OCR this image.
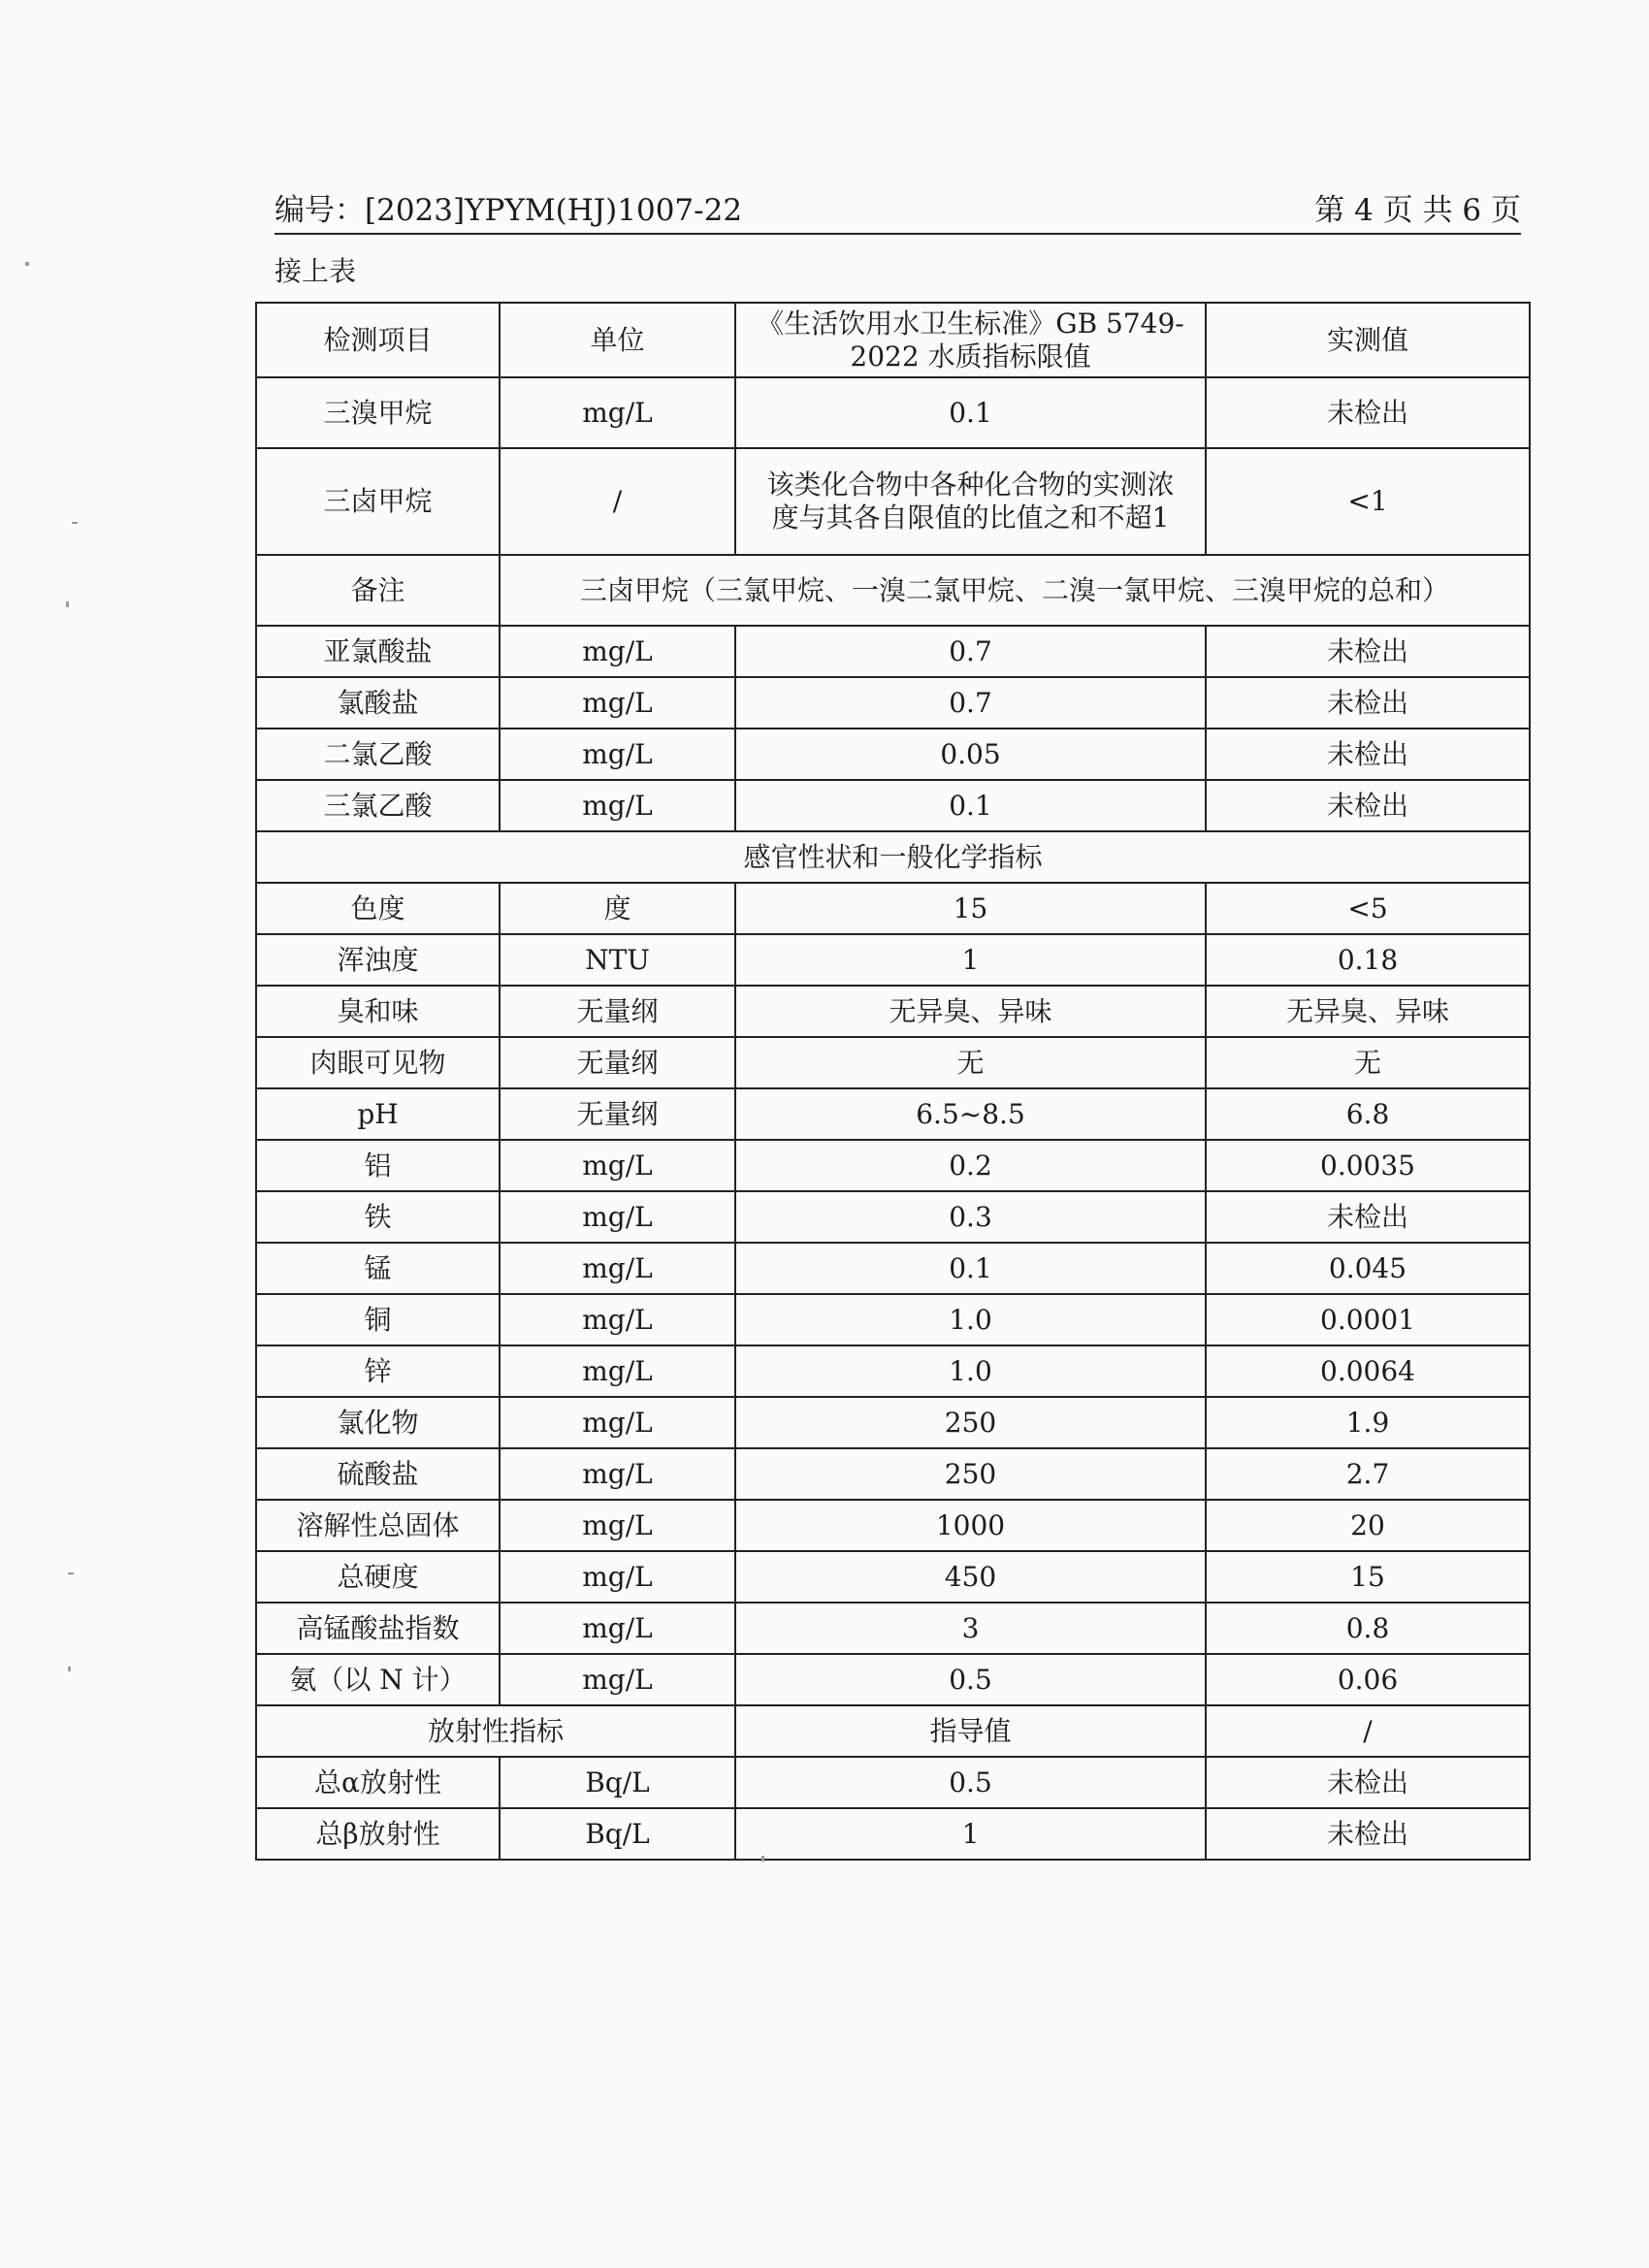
编号：[2023]YPYM(HJ)1007-22	第 4 页 共 6 页
接上表
检测项目	单位	《生活饮用水卫生标准》GB 5749-2022 水质指标限值	实测值
三溴甲烷	mg/L	0.1	未检出
三卤甲烷	/	该类化合物中各种化合物的实测浓度与其各自限值的比值之和不超1	<1
备注	三卤甲烷（三氯甲烷、一溴二氯甲烷、二溴一氯甲烷、三溴甲烷的总和）		
亚氯酸盐	mg/L	0.7	未检出
氯酸盐	mg/L	0.7	未检出
二氯乙酸	mg/L	0.05	未检出
三氯乙酸	mg/L	0.1	未检出
感官性状和一般化学指标			
色度	度	15	<5
浑浊度	NTU	1	0.18
臭和味	无量纲	无异臭、异味	无异臭、异味
肉眼可见物	无量纲	无	无
pH	无量纲	6.5~8.5	6.8
铝	mg/L	0.2	0.0035
铁	mg/L	0.3	未检出
锰	mg/L	0.1	0.045
铜	mg/L	1.0	0.0001
锌	mg/L	1.0	0.0064
氯化物	mg/L	250	1.9
硫酸盐	mg/L	250	2.7
溶解性总固体	mg/L	1000	20
总硬度	mg/L	450	15
高锰酸盐指数	mg/L	3	0.8
氨（以 N 计）	mg/L	0.5	0.06
放射性指标		指导值	/
总α放射性	Bq/L	0.5	未检出
总β放射性	Bq/L	1	未检出
